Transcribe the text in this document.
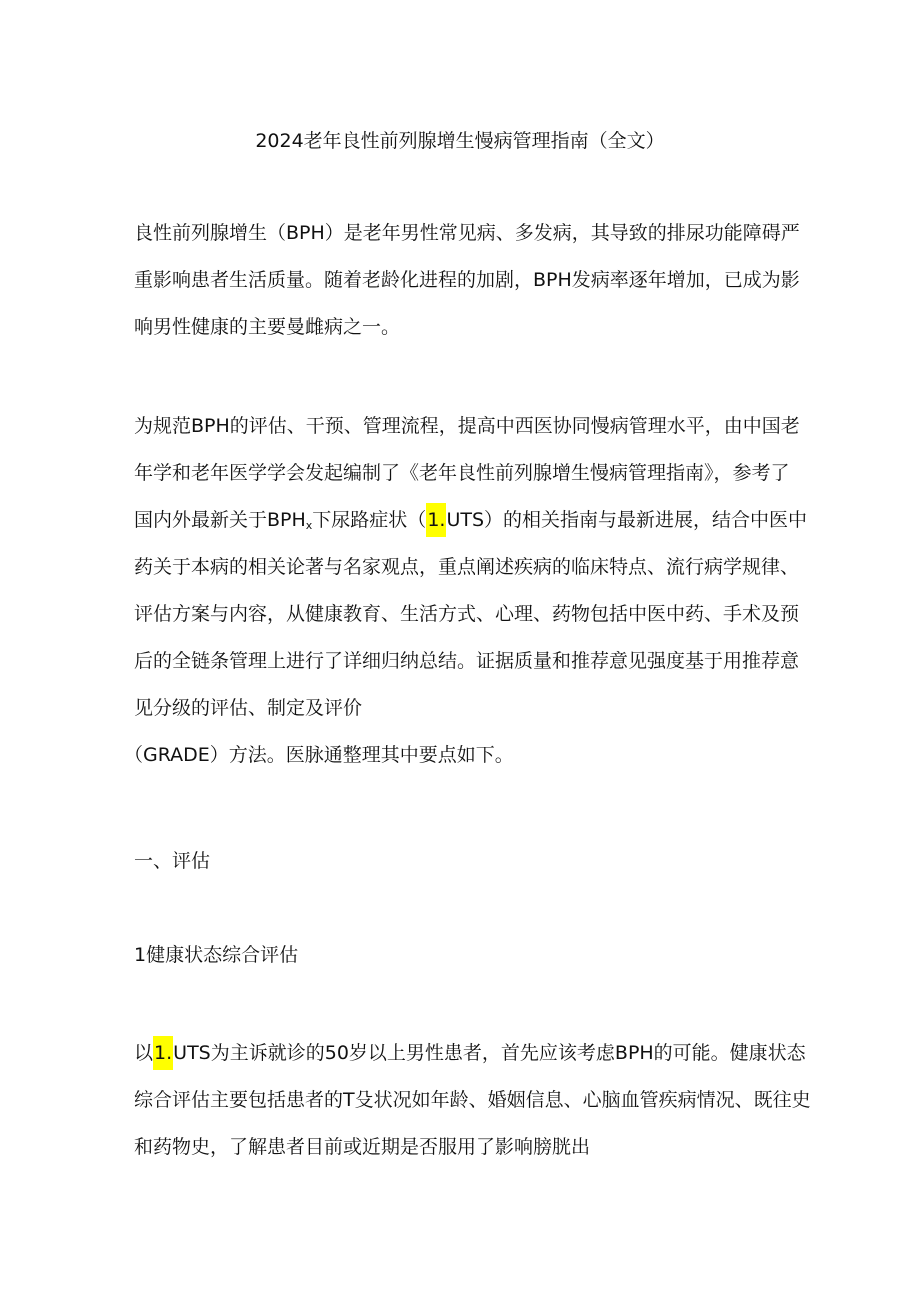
2024老年良性前列腺增生慢病管理指南（全文）
良性前列腺增生（BPH）是老年男性常见病、多发病，其导致的排尿功能障碍严
重影响患者生活质量。随着老龄化进程的加剧，BPH发病率逐年增加，已成为影
响男性健康的主要曼雌病之一。
为规范BPH的评估、干预、管理流程，提高中西医协同慢病管理水平，由中国老
年学和老年医学学会发起编制了《老年良性前列腺增生慢病管理指南》，参考了
国内外最新关于$BPH_x$下尿路症状（1.UTS）的相关指南与最新进展，结合中医中
药关于本病的相关论著与名家观点，重点阐述疾病的临床特点、流行病学规律、
评估方案与内容，从健康教育、生活方式、心理、药物包括中医中药、手术及预
后的全链条管理上进行了详细归纳总结。证据质量和推荐意见强度基于用推荐意
见分级的评估、制定及评价
（GRADE）方法。医脉通整理其中要点如下。
一、评估
1健康状态综合评估
以1.UTS为主诉就诊的50岁以上男性患者，首先应该考虑BPH的可能。健康状态
综合评估主要包括患者的T殳状况如年龄、婚姻信息、心脑血管疾病情况、既往史
和药物史，了解患者目前或近期是否服用了影响膀胱出
